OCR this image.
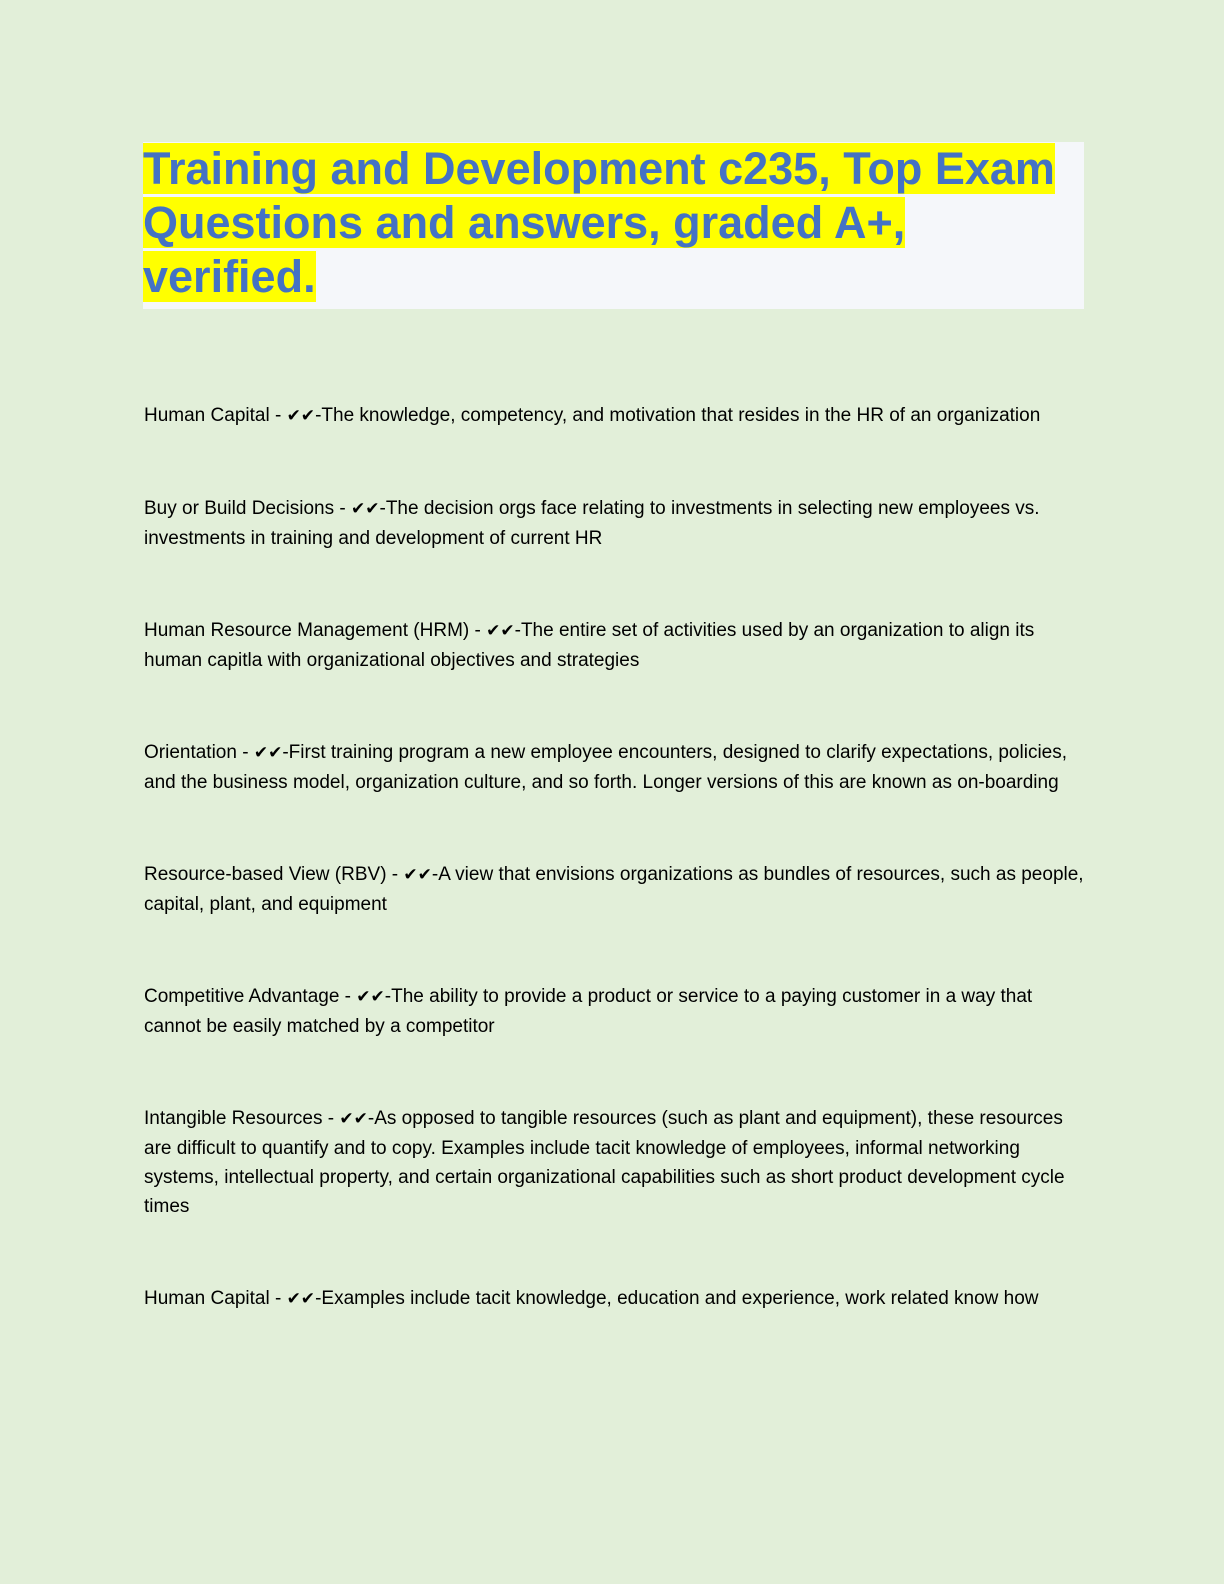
Training and Development c235, Top Exam Questions and answers, graded A+, verified.

Human Capital - ✔✔-The knowledge, competency, and motivation that resides in the HR of an organization

Buy or Build Decisions - ✔✔-The decision orgs face relating to investments in selecting new employees vs. investments in training and development of current HR

Human Resource Management (HRM) - ✔✔-The entire set of activities used by an organization to align its human capitla with organizational objectives and strategies

Orientation - ✔✔-First training program a new employee encounters, designed to clarify expectations, policies, and the business model, organization culture, and so forth. Longer versions of this are known as on-boarding

Resource-based View (RBV) - ✔✔-A view that envisions organizations as bundles of resources, such as people, capital, plant, and equipment

Competitive Advantage - ✔✔-The ability to provide a product or service to a paying customer in a way that cannot be easily matched by a competitor

Intangible Resources - ✔✔-As opposed to tangible resources (such as plant and equipment), these resources are difficult to quantify and to copy. Examples include tacit knowledge of employees, informal networking systems, intellectual property, and certain organizational capabilities such as short product development cycle times

Human Capital - ✔✔-Examples include tacit knowledge, education and experience, work related know how
